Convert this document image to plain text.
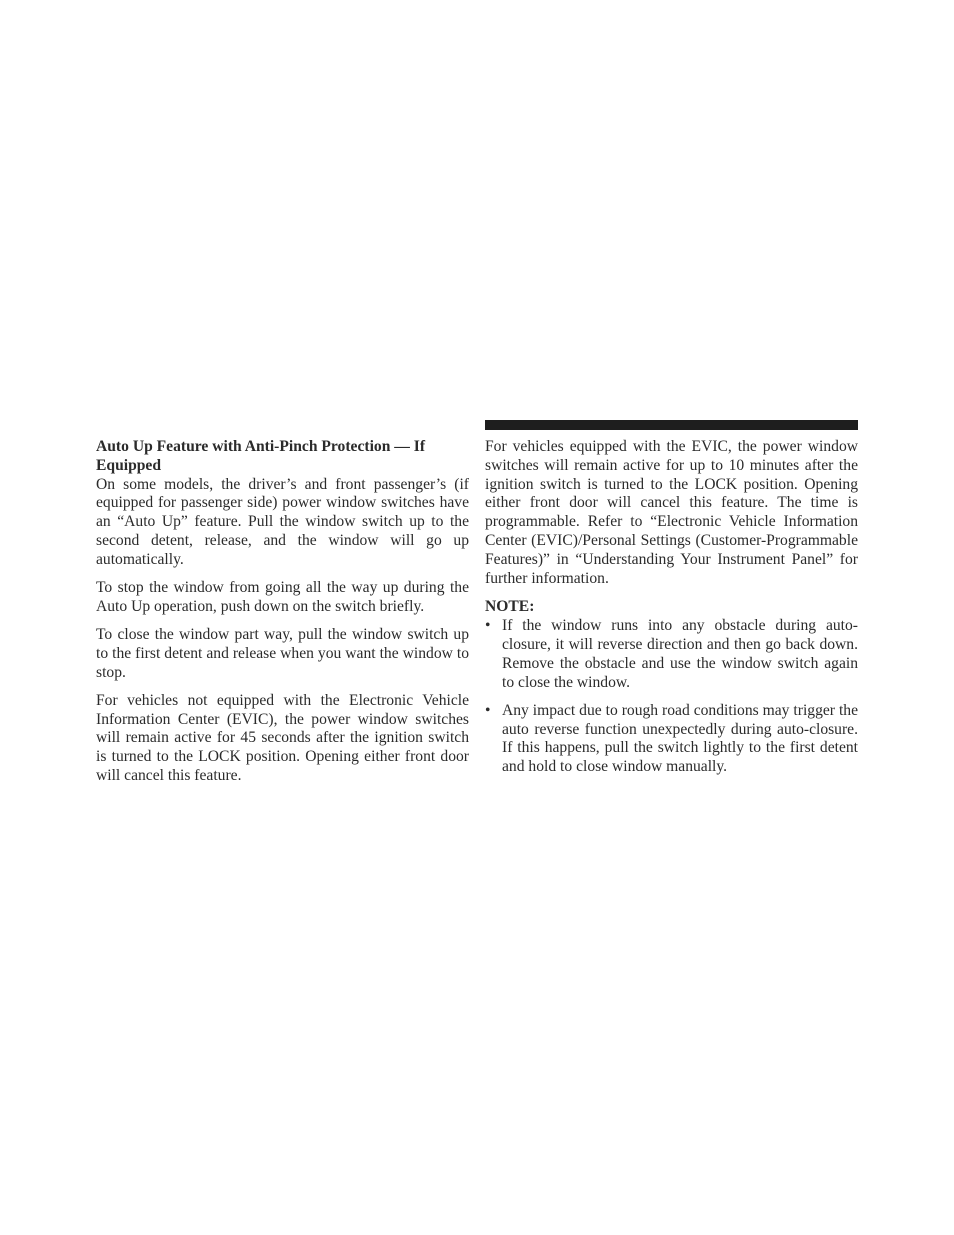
Auto Up Feature with Anti-Pinch Protection — If Equipped

On some models, the driver’s and front passenger’s (if equipped for passenger side) power window switches have an “Auto Up” feature. Pull the window switch up to the second detent, release, and the window will go up automatically.

To stop the window from going all the way up during the Auto Up operation, push down on the switch briefly.

To close the window part way, pull the window switch up to the first detent and release when you want the window to stop.

For vehicles not equipped with the Electronic Vehicle Information Center (EVIC), the power window switches will remain active for 45 seconds after the ignition switch is turned to the LOCK position. Opening either front door will cancel this feature.

For vehicles equipped with the EVIC, the power window switches will remain active for up to 10 minutes after the ignition switch is turned to the LOCK position. Opening either front door will cancel this feature. The time is programmable. Refer to “Electronic Vehicle Information Center (EVIC)/Personal Settings (Customer-Programmable Features)” in “Understanding Your Instrument Panel” for further information.

NOTE:
• If the window runs into any obstacle during auto-closure, it will reverse direction and then go back down. Remove the obstacle and use the window switch again to close the window.
• Any impact due to rough road conditions may trigger the auto reverse function unexpectedly during auto-closure. If this happens, pull the switch lightly to the first detent and hold to close window manually.
